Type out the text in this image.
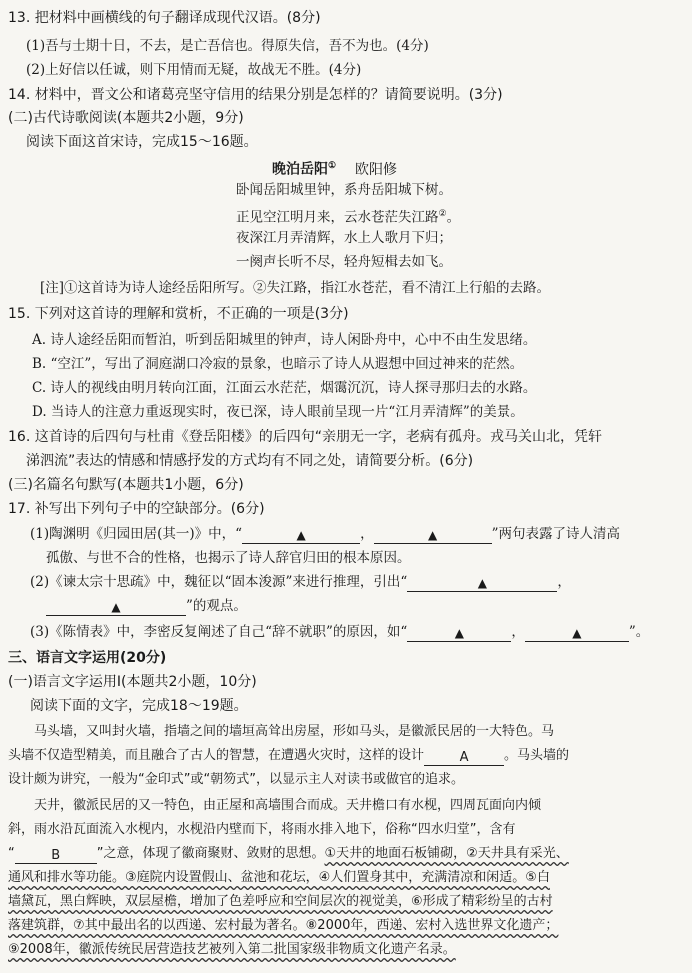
13. 把材料中画横线的句子翻译成现代汉语。(8分)
(1)吾与士期十日，不去，是亡吾信也。得原失信，吾不为也。(4分)
(2)上好信以任诚，则下用情而无疑，故战无不胜。(4分)
14. 材料中，晋文公和诸葛亮坚守信用的结果分别是怎样的？请简要说明。(3分)
(二)古代诗歌阅读(本题共2小题，9分)
阅读下面这首宋诗，完成15～16题。
晚泊岳阳① 欧阳修
卧闻岳阳城里钟，系舟岳阳城下树。
正见空江明月来，云水苍茫失江路②。
夜深江月弄清辉，水上人歌月下归；
一阕声长听不尽，轻舟短楫去如飞。
[注]①这首诗为诗人途经岳阳所写。②失江路，指江水苍茫，看不清江上行船的去路。
15. 下列对这首诗的理解和赏析，不正确的一项是(3分)
A. 诗人途经岳阳而暂泊，听到岳阳城里的钟声，诗人闲卧舟中，心中不由生发思绪。
B. “空江”，写出了洞庭湖口冷寂的景象，也暗示了诗人从遐想中回过神来的茫然。
C. 诗人的视线由明月转向江面，江面云水茫茫，烟霭沉沉，诗人探寻那归去的水路。
D. 当诗人的注意力重返现实时，夜已深，诗人眼前呈现一片“江月弄清辉”的美景。
16. 这首诗的后四句与杜甫《登岳阳楼》的后四句“亲朋无一字，老病有孤舟。戎马关山北，凭轩
涕泗流”表达的情感和情感抒发的方式均有不同之处，请简要分析。(6分)
(三)名篇名句默写(本题共1小题，6分)
17. 补写出下列句子中的空缺部分。(6分)
(1)陶渊明《归园田居(其一)》中，“	▲	，	▲	”两句表露了诗人清高
孤傲、与世不合的性格，也揭示了诗人辞官归田的根本原因。
(2)《谏太宗十思疏》中，魏征以“固本浚源”来进行推理，引出“	▲	，
▲	”的观点。
(3)《陈情表》中，李密反复阐述了自己“辞不就职”的原因，如“	▲	，	▲	”。
三、语言文字运用(20分)
(一)语言文字运用Ⅰ(本题共2小题，10分)
阅读下面的文字，完成18～19题。
马头墙，又叫封火墙，指墙之间的墙垣高耸出房屋，形如马头，是徽派民居的一大特色。马
头墙不仅造型精美，而且融合了古人的智慧，在遭遇火灾时，这样的设计	A	。马头墙的
设计颇为讲究，一般为“金印式”或“朝笏式”，以显示主人对读书或做官的追求。
天井，徽派民居的又一特色，由正屋和高墙围合而成。天井檐口有水枧，四周瓦面向内倾
斜，雨水沿瓦面流入水枧内，水枧沿内壁而下，将雨水排入地下，俗称“四水归堂”，含有
“	B	”之意，体现了徽商聚财、敛财的思想。①天井的地面石板铺砌，②天井具有采光、
通风和排水等功能。③庭院内设置假山、盆池和花坛，④人们置身其中，充满清凉和闲适。⑤白
墙黛瓦，黑白辉映，双层屋檐，增加了色差呼应和空间层次的视觉美，⑥形成了精彩纷呈的古村
落建筑群，⑦其中最出名的以西递、宏村最为著名。⑧2000年，西递、宏村入选世界文化遗产；
⑨2008年，徽派传统民居营造技艺被列入第二批国家级非物质文化遗产名录。
